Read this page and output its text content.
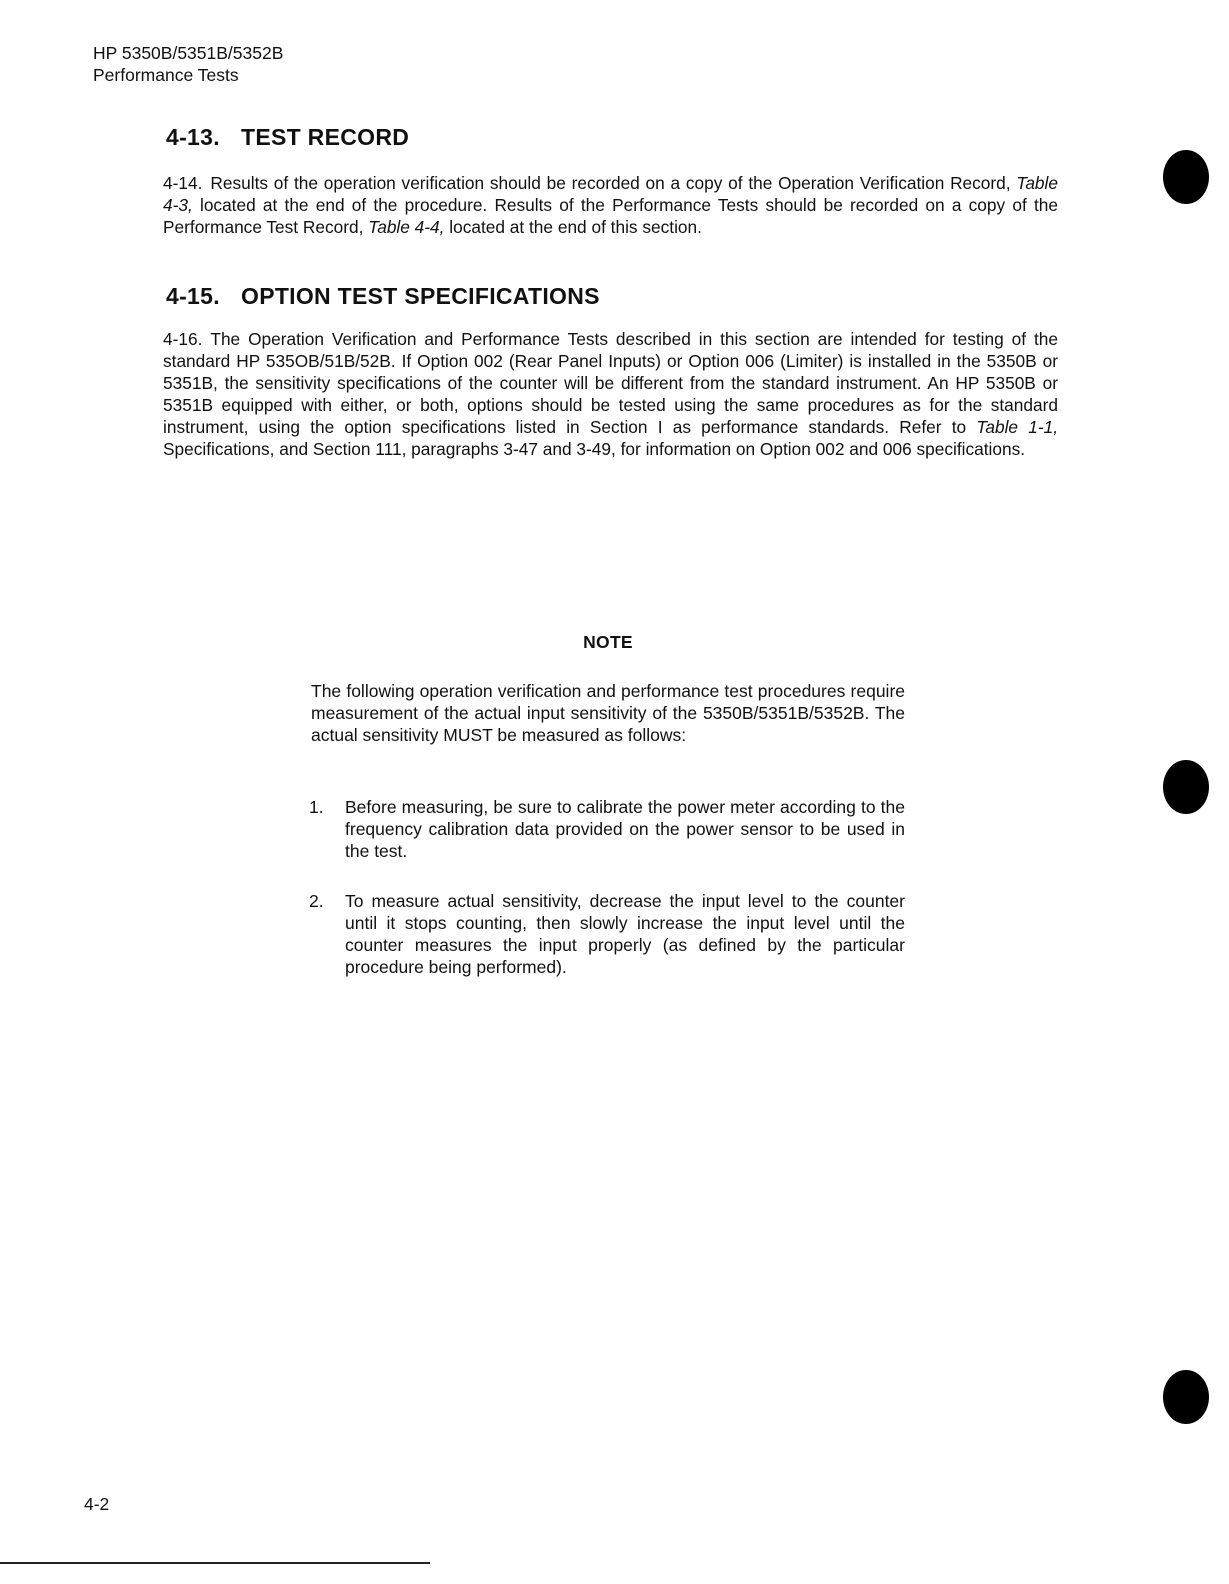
HP 5350B/5351B/5352B
Performance Tests
4-13. TEST RECORD

4-14. Results of the operation verification should be recorded on a copy of the Operation Verification Record, Table 4-3, located at the end of the procedure. Results of the Performance Tests should be recorded on a copy of the Performance Test Record, Table 4-4, located at the end of this section.

4-15. OPTION TEST SPECIFICATIONS

4-16. The Operation Verification and Performance Tests described in this section are intended for testing of the standard HP 535OB/51B/52B. If Option 002 (Rear Panel Inputs) or Option 006 (Limiter) is installed in the 5350B or 5351B, the sensitivity specifications of the counter will be different from the standard instrument. An HP 5350B or 5351B equipped with either, or both, options should be tested using the same procedures as for the standard instrument, using the option specifications listed in Section I as performance standards. Refer to Table 1-1, Specifications, and Section 111, paragraphs 3-47 and 3-49, for information on Option 002 and 006 specifications.

NOTE

The following operation verification and performance test procedures require measurement of the actual input sensitivity of the 5350B/5351B/5352B. The actual sensitivity MUST be measured as follows:

1. Before measuring, be sure to calibrate the power meter according to the frequency calibration data provided on the power sensor to be used in the test.
2. To measure actual sensitivity, decrease the input level to the counter until it stops counting, then slowly increase the input level until the counter measures the input properly (as defined by the particular procedure being performed).
4-2
